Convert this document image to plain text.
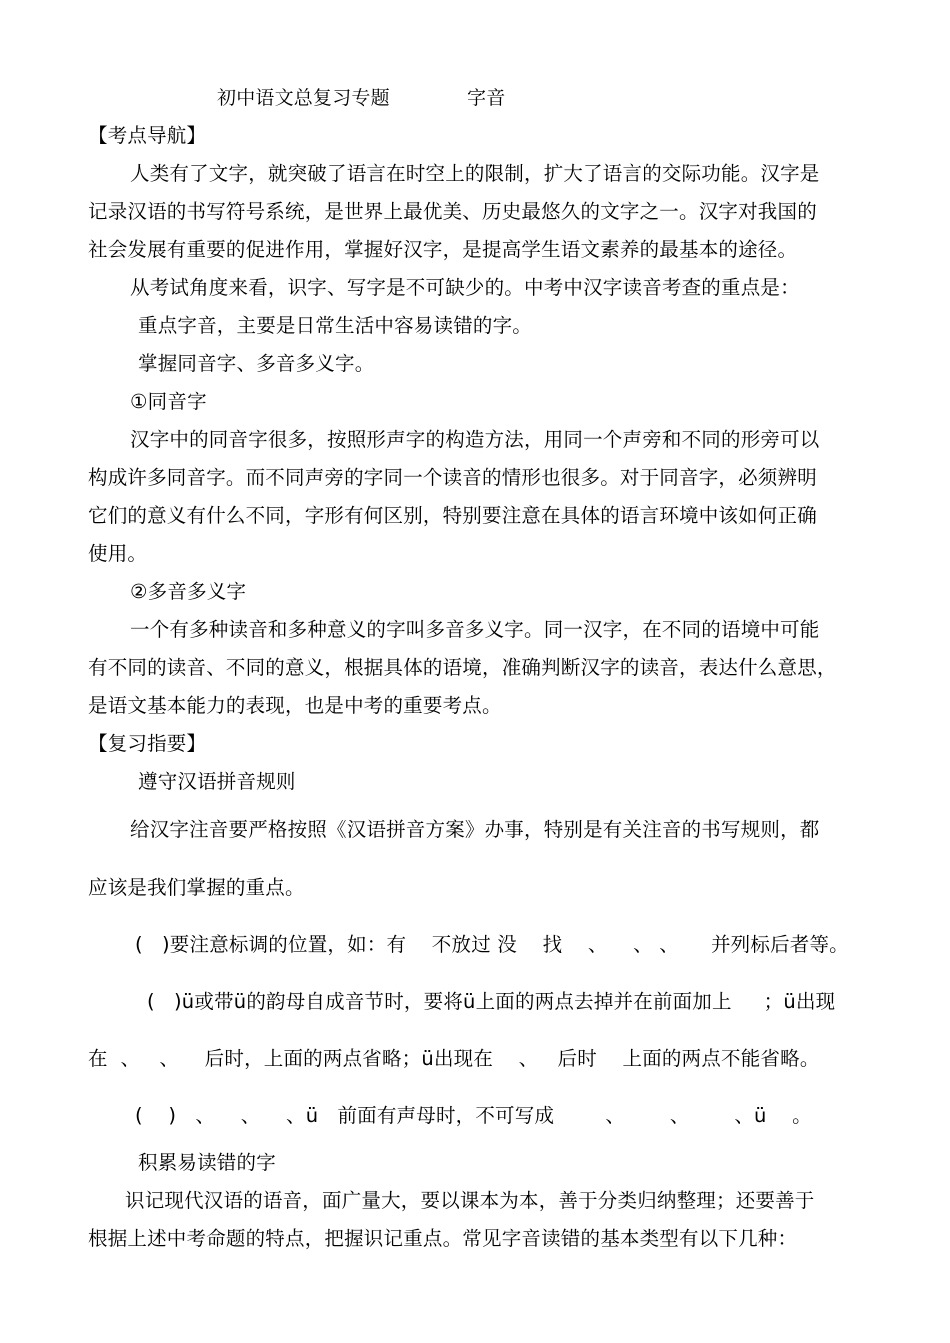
初中语文总复习专题	字音
【考点导航】
人类有了文字，就突破了语言在时空上的限制，扩大了语言的交际功能。汉字是
记录汉语的书写符号系统，是世界上最优美、历史最悠久的文字之一。汉字对我国的
社会发展有重要的促进作用，掌握好汉字，是提高学生语文素养的最基本的途径。
从考试角度来看，识字、写字是不可缺少的。中考中汉字读音考查的重点是：
重点字音，主要是日常生活中容易读错的字。
掌握同音字、多音多义字。
①同音字
汉字中的同音字很多，按照形声字的构造方法，用同一个声旁和不同的形旁可以
构成许多同音字。而不同声旁的字同一个读音的情形也很多。对于同音字，必须辨明
它们的意义有什么不同，字形有何区别，特别要注意在具体的语言环境中该如何正确
使用。
②多音多义字
一个有多种读音和多种意义的字叫多音多义字。同一汉字，在不同的语境中可能
有不同的读音、不同的意义，根据具体的语境，准确判断汉字的读音，表达什么意思，
是语文基本能力的表现，也是中考的重要考点。
【复习指要】
遵守汉语拼音规则
给汉字注音要严格按照《汉语拼音方案》办事，特别是有关注音的书写规则，都
应该是我们掌握的重点。
(   )要注意标调的位置，如：有    不放过 没    找    、    、 、     并列标后者等。
(   )ü或带ü的韵母自成音节时，要将ü上面的两点去掉并在前面加上     ；ü出现
在  、   、    后时，上面的两点省略；ü出现在    、   后时    上面的两点不能省略。
(    )   、    、    、ü   前面有声母时，不可写成        、       、       、ü    。
积累易读错的字
识记现代汉语的语音，面广量大，要以课本为本，善于分类归纳整理；还要善于
根据上述中考命题的特点，把握识记重点。常见字音读错的基本类型有以下几种：
